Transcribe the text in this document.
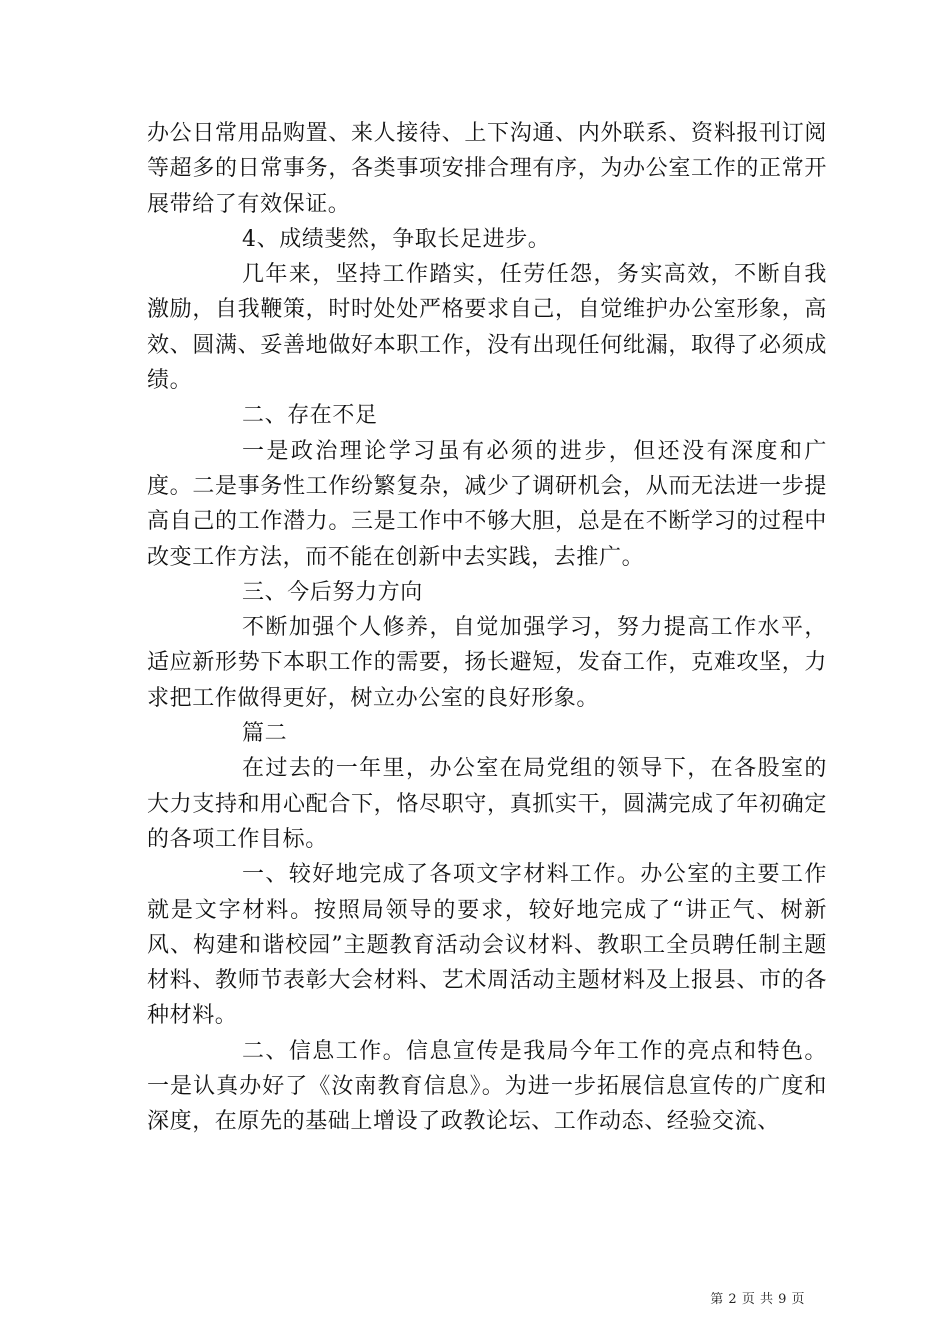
办公日常用品购置、来人接待、上下沟通、内外联系、资料报刊订阅等超多的日常事务，各类事项安排合理有序，为办公室工作的正常开展带给了有效保证。

4、成绩斐然，争取长足进步。

几年来，坚持工作踏实，任劳任怨，务实高效，不断自我激励，自我鞭策，时时处处严格要求自己，自觉维护办公室形象，高效、圆满、妥善地做好本职工作，没有出现任何纰漏，取得了必须成绩。

二、存在不足

一是政治理论学习虽有必须的进步，但还没有深度和广度。二是事务性工作纷繁复杂，减少了调研机会，从而无法进一步提高自己的工作潜力。三是工作中不够大胆，总是在不断学习的过程中改变工作方法，而不能在创新中去实践，去推广。

三、今后努力方向

不断加强个人修养，自觉加强学习，努力提高工作水平，适应新形势下本职工作的需要，扬长避短，发奋工作，克难攻坚，力求把工作做得更好，树立办公室的良好形象。

篇二

在过去的一年里，办公室在局党组的领导下，在各股室的大力支持和用心配合下，恪尽职守，真抓实干，圆满完成了年初确定的各项工作目标。

一、较好地完成了各项文字材料工作。办公室的主要工作就是文字材料。按照局领导的要求，较好地完成了“讲正气、树新风、构建和谐校园”主题教育活动会议材料、教职工全员聘任制主题材料、教师节表彰大会材料、艺术周活动主题材料及上报县、市的各种材料。

二、信息工作。信息宣传是我局今年工作的亮点和特色。一是认真办好了《汝南教育信息》。为进一步拓展信息宣传的广度和深度，在原先的基础上增设了政教论坛、工作动态、经验交流、

第 2 页 共 9 页
